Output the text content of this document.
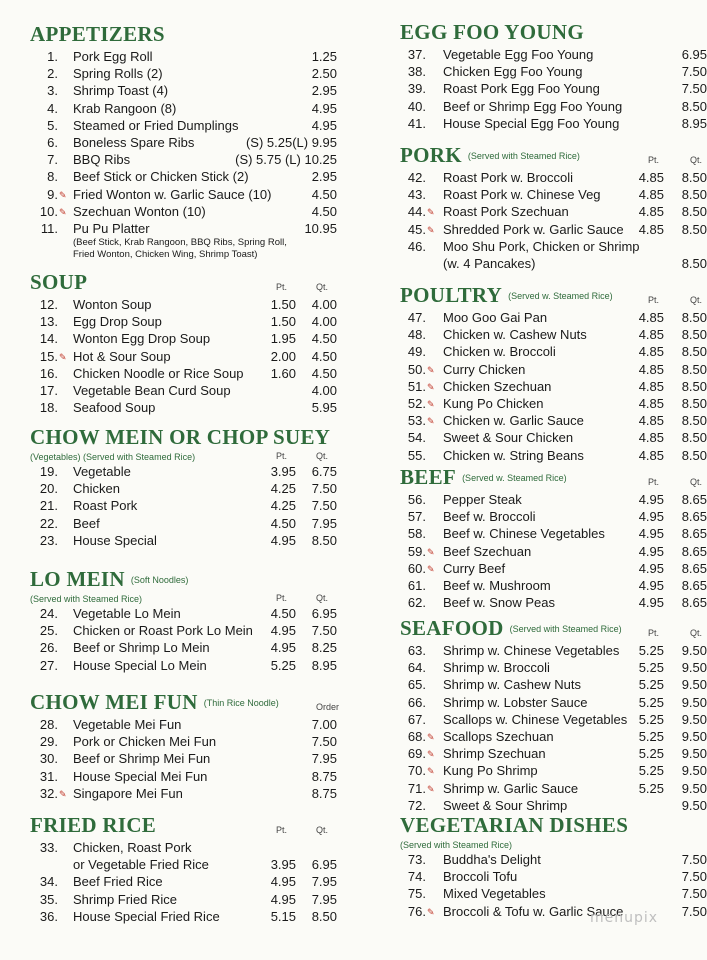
APPETIZERS
1. Pork Egg Roll	1.25
2. Spring Rolls (2)	2.50
3. Shrimp Toast (4)	2.95
4. Krab Rangoon (8)	4.95
5. Steamed or Fried Dumplings	4.95
6. Boneless Spare Ribs	(S) 5.25(L) 9.95
7. BBQ Ribs	(S) 5.75 (L) 10.25
8. Beef Stick or Chicken Stick (2)	2.95
9. ✎ Fried Wonton w. Garlic Sauce (10)	4.50
10. ✎ Szechuan Wonton (10)	4.50
11. Pu Pu Platter	10.95
(Beef Stick, Krab Rangoon, BBQ Ribs, Spring Roll, Fried Wonton, Chicken Wing, Shrimp Toast)
SOUP	Pt.	Qt.
12. Wonton Soup	1.50 4.00
13. Egg Drop Soup	1.50 4.00
14. Wonton Egg Drop Soup	1.95 4.50
15. ✎ Hot & Sour Soup	2.00 4.50
16. Chicken Noodle or Rice Soup 1.60 4.50
17. Vegetable Bean Curd Soup	4.00
18. Seafood Soup	5.95
CHOW MEIN OR CHOP SUEY
(Vegetables) (Served with Steamed Rice)	Pt.	Qt.
19. Vegetable	3.95 6.75
20. Chicken	4.25 7.50
21. Roast Pork	4.25 7.50
22. Beef	4.50 7.95
23. House Special	4.95 8.50
LO MEIN (Soft Noodles)
(Served with Steamed Rice)	Pt.	Qt.
24. Vegetable Lo Mein	4.50 6.95
25. Chicken or Roast Pork Lo Mein 4.95 7.50
26. Beef or Shrimp Lo Mein	4.95 8.25
27. House Special Lo Mein	5.25 8.95
CHOW MEI FUN (Thin Rice Noodle)	Order
28. Vegetable Mei Fun	7.00
29. Pork or Chicken Mei Fun	7.50
30. Beef or Shrimp Mei Fun	7.95
31. House Special Mei Fun	8.75
32. ✎ Singapore Mei Fun	8.75
FRIED RICE	Pt.	Qt.
33. Chicken, Roast Pork
or Vegetable Fried Rice	3.95 6.95
34. Beef Fried Rice	4.95 7.95
35. Shrimp Fried Rice	4.95 7.95
36. House Special Fried Rice	5.15 8.50
EGG FOO YOUNG
37. Vegetable Egg Foo Young	6.95
38. Chicken Egg Foo Young	7.50
39. Roast Pork Egg Foo Young	7.50
40. Beef or Shrimp Egg Foo Young	8.50
41. House Special Egg Foo Young	8.95
PORK (Served with Steamed Rice)	Pt.	Qt.
42. Roast Pork w. Broccoli	4.85 8.50
43. Roast Pork w. Chinese Veg	4.85 8.50
44. ✎ Roast Pork Szechuan	4.85 8.50
45. ✎ Shredded Pork w. Garlic Sauce 4.85 8.50
46. Moo Shu Pork, Chicken or Shrimp
(w. 4 Pancakes)	8.50
POULTRY (Served w. Steamed Rice)	Pt.	Qt.
47. Moo Goo Gai Pan	4.85 8.50
48. Chicken w. Cashew Nuts	4.85 8.50
49. Chicken w. Broccoli	4.85 8.50
50. ✎ Curry Chicken	4.85 8.50
51. ✎ Chicken Szechuan	4.85 8.50
52. ✎ Kung Po Chicken	4.85 8.50
53. ✎ Chicken w. Garlic Sauce	4.85 8.50
54. Sweet & Sour Chicken	4.85 8.50
55. Chicken w. String Beans	4.85 8.50
BEEF (Served w. Steamed Rice)	Pt.	Qt.
56. Pepper Steak	4.95 8.65
57. Beef w. Broccoli	4.95 8.65
58. Beef w. Chinese Vegetables	4.95 8.65
59. ✎ Beef Szechuan	4.95 8.65
60. ✎ Curry Beef	4.95 8.65
61. Beef w. Mushroom	4.95 8.65
62. Beef w. Snow Peas	4.95 8.65
SEAFOOD (Served with Steamed Rice)	Pt.	Qt.
63. Shrimp w. Chinese Vegetables 5.25 9.50
64. Shrimp w. Broccoli	5.25 9.50
65. Shrimp w. Cashew Nuts	5.25 9.50
66. Shrimp w. Lobster Sauce	5.25 9.50
67. Scallops w. Chinese Vegetables 5.25 9.50
68. ✎ Scallops Szechuan	5.25 9.50
69. ✎ Shrimp Szechuan	5.25 9.50
70. ✎ Kung Po Shrimp	5.25 9.50
71. ✎ Shrimp w. Garlic Sauce	5.25 9.50
72. Sweet & Sour Shrimp	9.50
VEGETARIAN DISHES
(Served with Steamed Rice)
73. Buddha's Delight	7.50
74. Broccoli Tofu	7.50
75. Mixed Vegetables	7.50
76. ✎ Broccoli & Tofu w. Garlic Sauce	7.50
menupix
